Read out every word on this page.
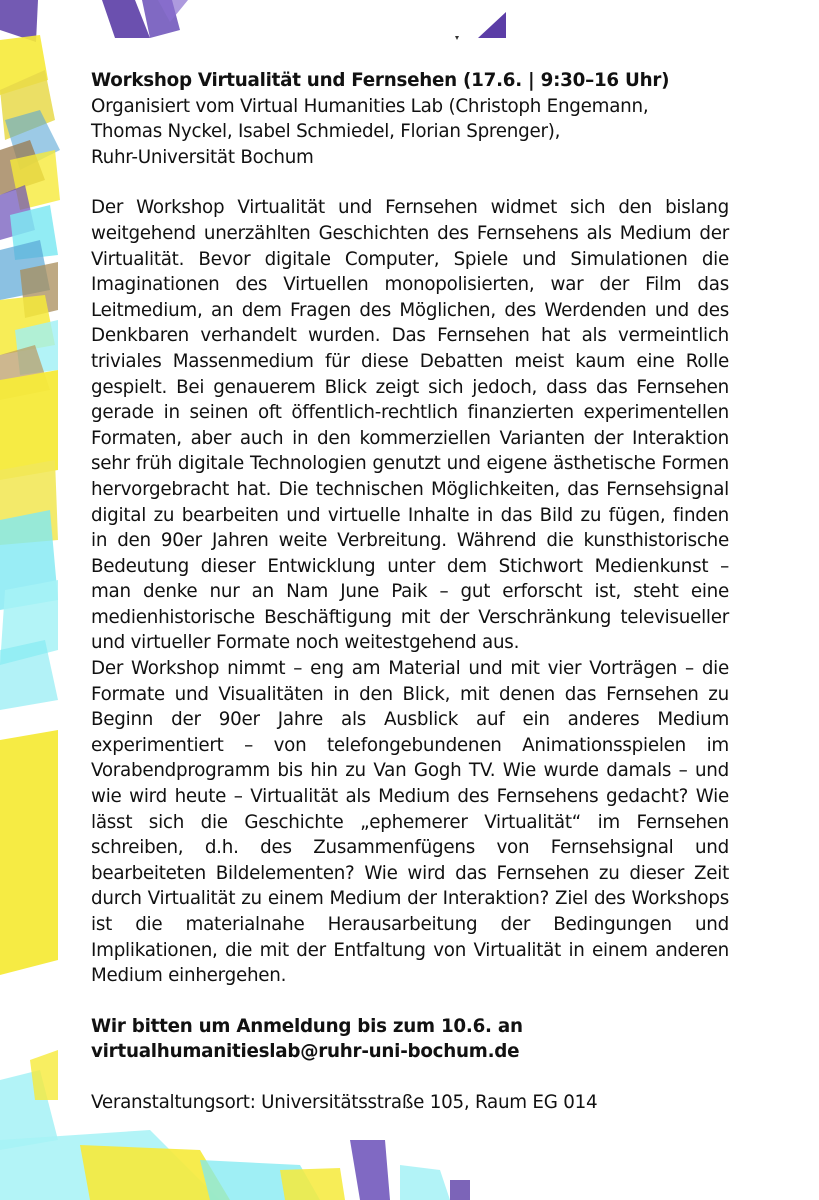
Workshop Virtualität und Fernsehen (17.6. | 9:30–16 Uhr)

Organisiert vom Virtual Humanities Lab (Christoph Engemann,

Thomas Nyckel, Isabel Schmiedel, Florian Sprenger),

Ruhr-Universität Bochum

Der Workshop Virtualität und Fernsehen widmet sich den bislang weitgehend unerzählten Geschichten des Fernsehens als Medium der Virtualität. Bevor digitale Computer, Spiele und Simulationen die Imaginationen des Virtuellen monopolisierten, war der Film das Leitmedium, an dem Fragen des Möglichen, des Werdenden und des Denkbaren verhandelt wurden. Das Fernsehen hat als vermeintlich triviales Massenmedium für diese Debatten meist kaum eine Rolle gespielt. Bei genauerem Blick zeigt sich jedoch, dass das Fernsehen gerade in seinen oft öffentlich-rechtlich finanzierten experimentellen Formaten, aber auch in den kommerziellen Varianten der Interaktion sehr früh digitale Technologien genutzt und eigene ästhetische Formen hervorgebracht hat. Die technischen Möglichkeiten, das Fernsehsignal digital zu bearbeiten und virtuelle Inhalte in das Bild zu fügen, finden in den 90er Jahren weite Verbreitung. Während die kunsthistorische Bedeutung dieser Entwicklung unter dem Stichwort Medienkunst – man denke nur an Nam June Paik – gut erforscht ist, steht eine medienhistorische Beschäftigung mit der Verschränkung televisueller und virtueller Formate noch weitestgehend aus.

Der Workshop nimmt – eng am Material und mit vier Vorträgen – die Formate und Visualitäten in den Blick, mit denen das Fernsehen zu Beginn der 90er Jahre als Ausblick auf ein anderes Medium experimentiert – von telefongebundenen Animationsspielen im Vorabendprogramm bis hin zu Van Gogh TV. Wie wurde damals – und wie wird heute – Virtualität als Medium des Fernsehens gedacht? Wie lässt sich die Geschichte „ephemerer Virtualität“ im Fernsehen schreiben, d.h. des Zusammenfügens von Fernsehsignal und bearbeiteten Bildelementen? Wie wird das Fernsehen zu dieser Zeit durch Virtualität zu einem Medium der Interaktion? Ziel des Workshops ist die materialnahe Herausarbeitung der Bedingungen und Implikationen, die mit der Entfaltung von Virtualität in einem anderen Medium einhergehen.

Wir bitten um Anmeldung bis zum 10.6. an

virtualhumanitieslab@ruhr-uni-bochum.de

Veranstaltungsort: Universitätsstraße 105, Raum EG 014
